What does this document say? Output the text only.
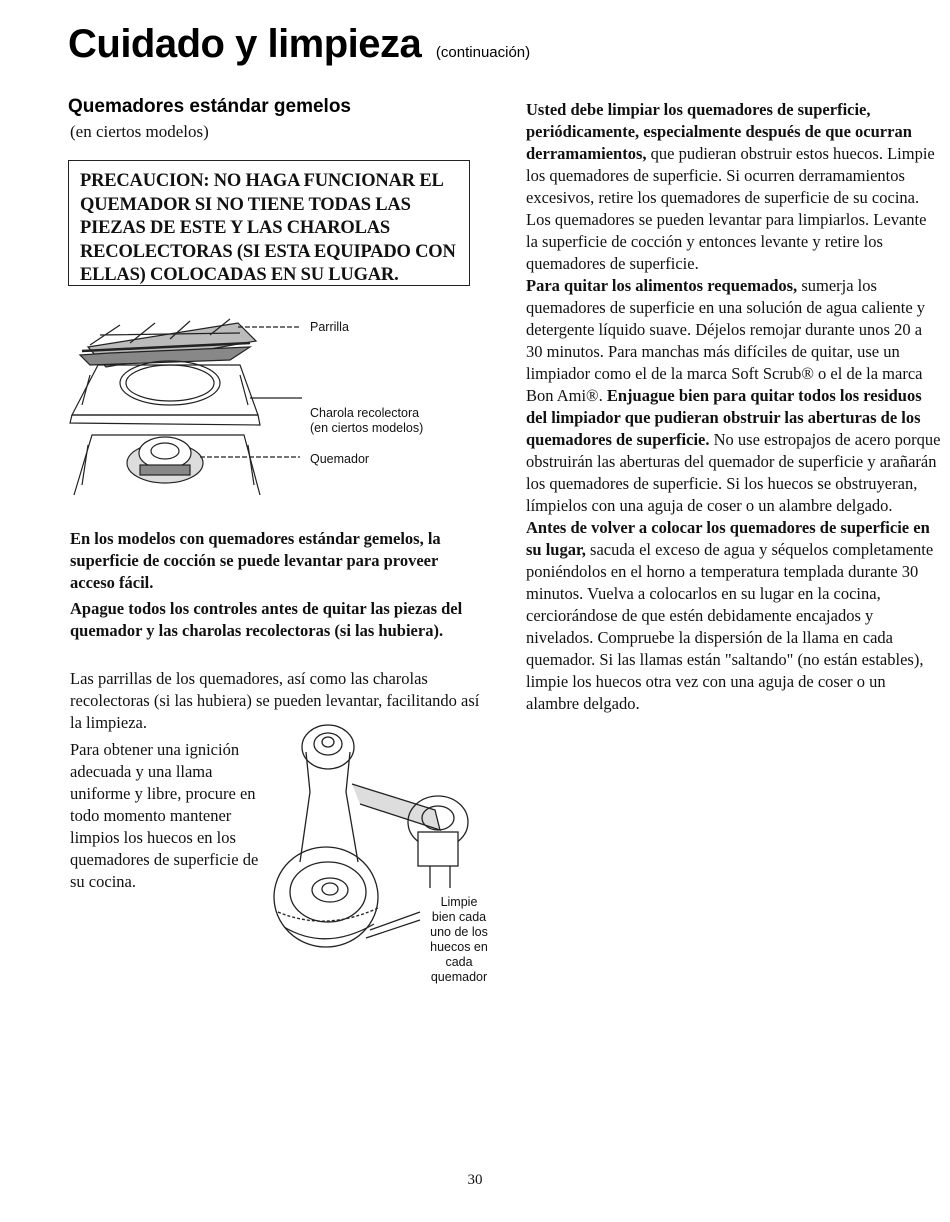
Cuidado y limpieza (continuación)
Quemadores estándar gemelos
(en ciertos modelos)
PRECAUCION: NO HAGA FUNCIONAR EL QUEMADOR SI NO TIENE TODAS LAS PIEZAS DE ESTE Y LAS CHAROLAS RECOLECTORAS (SI ESTA EQUIPADO CON ELLAS) COLOCADAS EN SU LUGAR.
Parrilla
Charola recolectora
(en ciertos modelos)
Quemador
En los modelos con quemadores estándar gemelos, la superficie de cocción se puede levantar para proveer acceso fácil.
Apague todos los controles antes de quitar las piezas del quemador y las charolas recolectoras (si las hubiera).
Las parrillas de los quemadores, así como las charolas recolectoras (si las hubiera) se pueden levantar, facilitando así la limpieza.
Para obtener una ignición adecuada y una llama uniforme y libre, procure en todo momento mantener limpios los huecos en los quemadores de superficie de su cocina.
Limpie
bien cada
uno de los
huecos en
cada
quemador

Usted debe limpiar los quemadores de superficie, periódicamente, especialmente después de que ocurran derramamientos, que pudieran obstruir estos huecos. Limpie los quemadores de superficie. Si ocurren derramamientos excesivos, retire los quemadores de superficie de su cocina. Los quemadores se pueden levantar para limpiarlos. Levante la superficie de cocción y entonces levante y retire los quemadores de superficie.

Para quitar los alimentos requemados, sumerja los quemadores de superficie en una solución de agua caliente y detergente líquido suave. Déjelos remojar durante unos 20 a 30 minutos. Para manchas más difíciles de quitar, use un limpiador como el de la marca Soft Scrub® o el de la marca Bon Ami®. Enjuague bien para quitar todos los residuos del limpiador que pudieran obstruir las aberturas de los quemadores de superficie. No use estropajos de acero porque obstruirán las aberturas del quemador de superficie y arañarán los quemadores de superficie. Si los huecos se obstruyeran, límpielos con una aguja de coser o un alambre delgado.

Antes de volver a colocar los quemadores de superficie en su lugar, sacuda el exceso de agua y séquelos completamente poniéndolos en el horno a temperatura templada durante 30 minutos. Vuelva a colocarlos en su lugar en la cocina, cerciorándose de que estén debidamente encajados y nivelados. Compruebe la dispersión de la llama en cada quemador. Si las llamas están "saltando" (no están estables), limpie los huecos otra vez con una aguja de coser o un alambre delgado.

30
